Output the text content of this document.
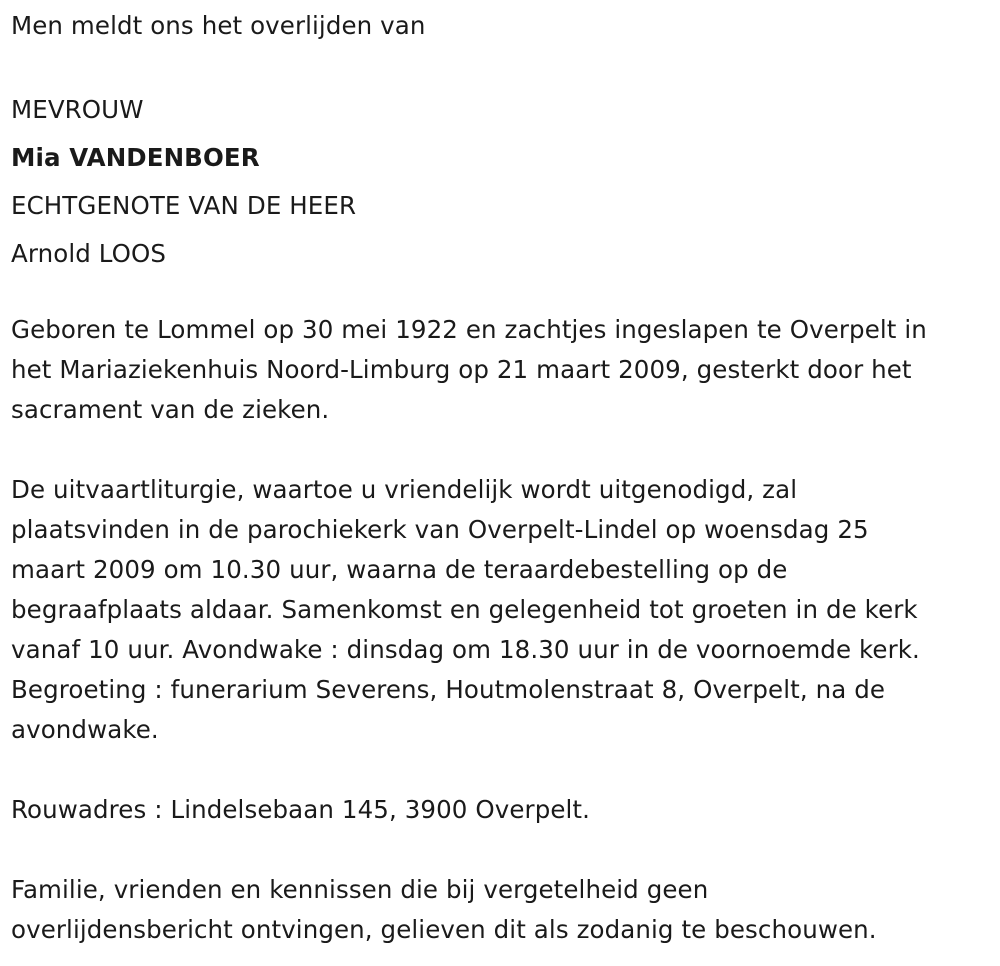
Men meldt ons het overlijden van

MEVROUW

Mia VANDENBOER

ECHTGENOTE VAN DE HEER

Arnold LOOS

Geboren te Lommel op 30 mei 1922 en zachtjes ingeslapen te Overpelt in

het Mariaziekenhuis Noord-Limburg op 21 maart 2009, gesterkt door het

sacrament van de zieken.

De uitvaartliturgie, waartoe u vriendelijk wordt uitgenodigd, zal

plaatsvinden in de parochiekerk van Overpelt-Lindel op woensdag 25

maart 2009 om 10.30 uur, waarna de teraardebestelling op de

begraafplaats aldaar. Samenkomst en gelegenheid tot groeten in de kerk

vanaf 10 uur. Avondwake : dinsdag om 18.30 uur in de voornoemde kerk.

Begroeting : funerarium Severens, Houtmolenstraat 8, Overpelt, na de

avondwake.

Rouwadres : Lindelsebaan 145, 3900 Overpelt.

Familie, vrienden en kennissen die bij vergetelheid geen

overlijdensbericht ontvingen, gelieven dit als zodanig te beschouwen.
